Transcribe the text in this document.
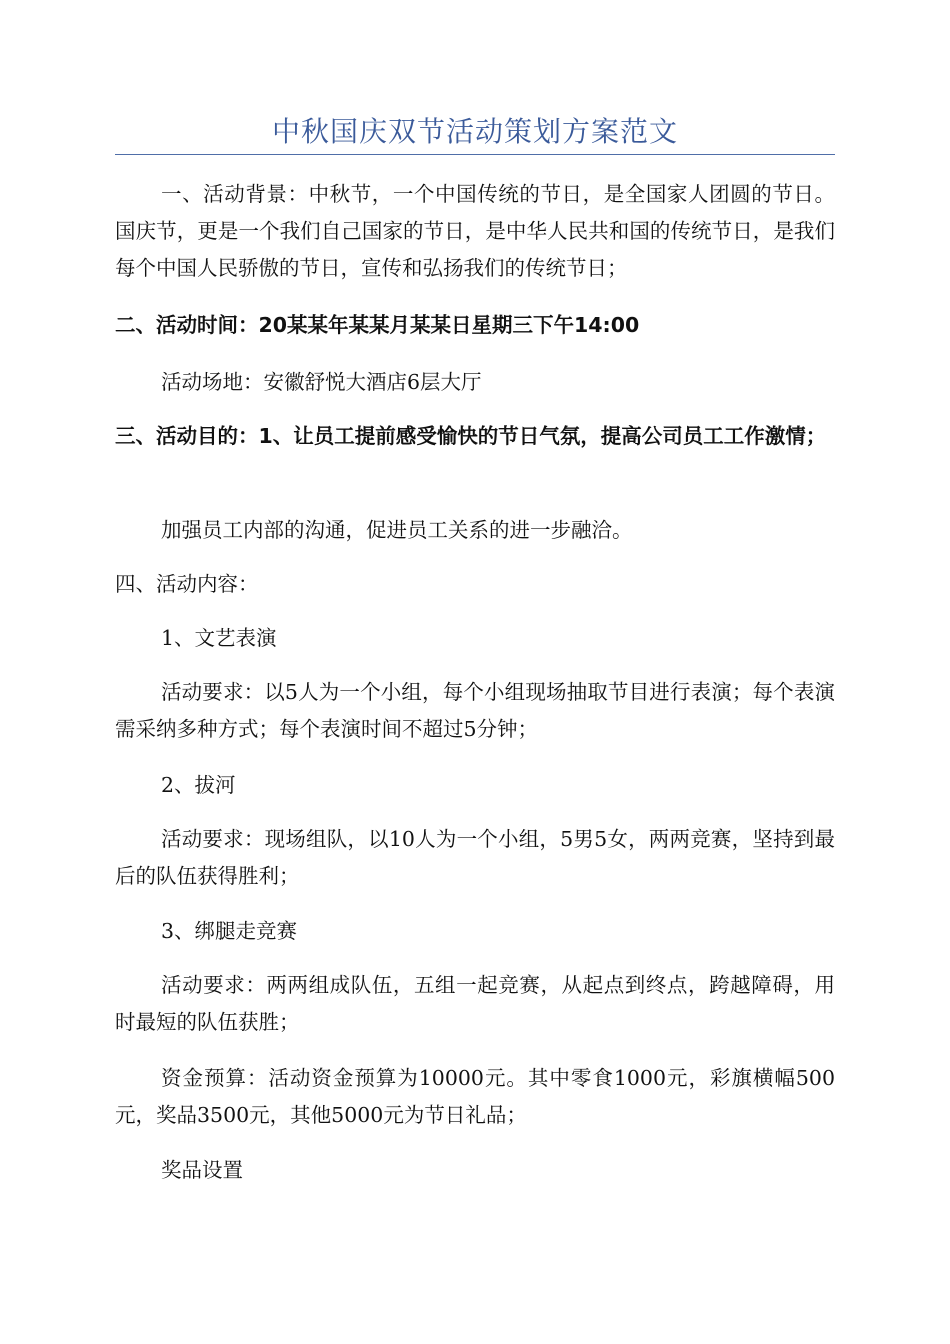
中秋国庆双节活动策划方案范文

一、活动背景：中秋节，一个中国传统的节日，是全国家人团圆的节日。国庆节，更是一个我们自己国家的节日，是中华人民共和国的传统节日，是我们每个中国人民骄傲的节日，宣传和弘扬我们的传统节日；

二、活动时间：20某某年某某月某某日星期三下午14:00

活动场地：安徽舒悦大酒店6层大厅

三、活动目的：1、让员工提前感受愉快的节日气氛，提高公司员工工作激情；

加强员工内部的沟通，促进员工关系的进一步融洽。

四、活动内容：

1、文艺表演

活动要求：以5人为一个小组，每个小组现场抽取节目进行表演；每个表演需采纳多种方式；每个表演时间不超过5分钟；

2、拔河

活动要求：现场组队，以10人为一个小组，5男5女，两两竞赛，坚持到最后的队伍获得胜利；

3、绑腿走竞赛

活动要求：两两组成队伍，五组一起竞赛，从起点到终点，跨越障碍，用时最短的队伍获胜；

资金预算：活动资金预算为10000元。其中零食1000元，彩旗横幅500元，奖品3500元，其他5000元为节日礼品；

奖品设置
